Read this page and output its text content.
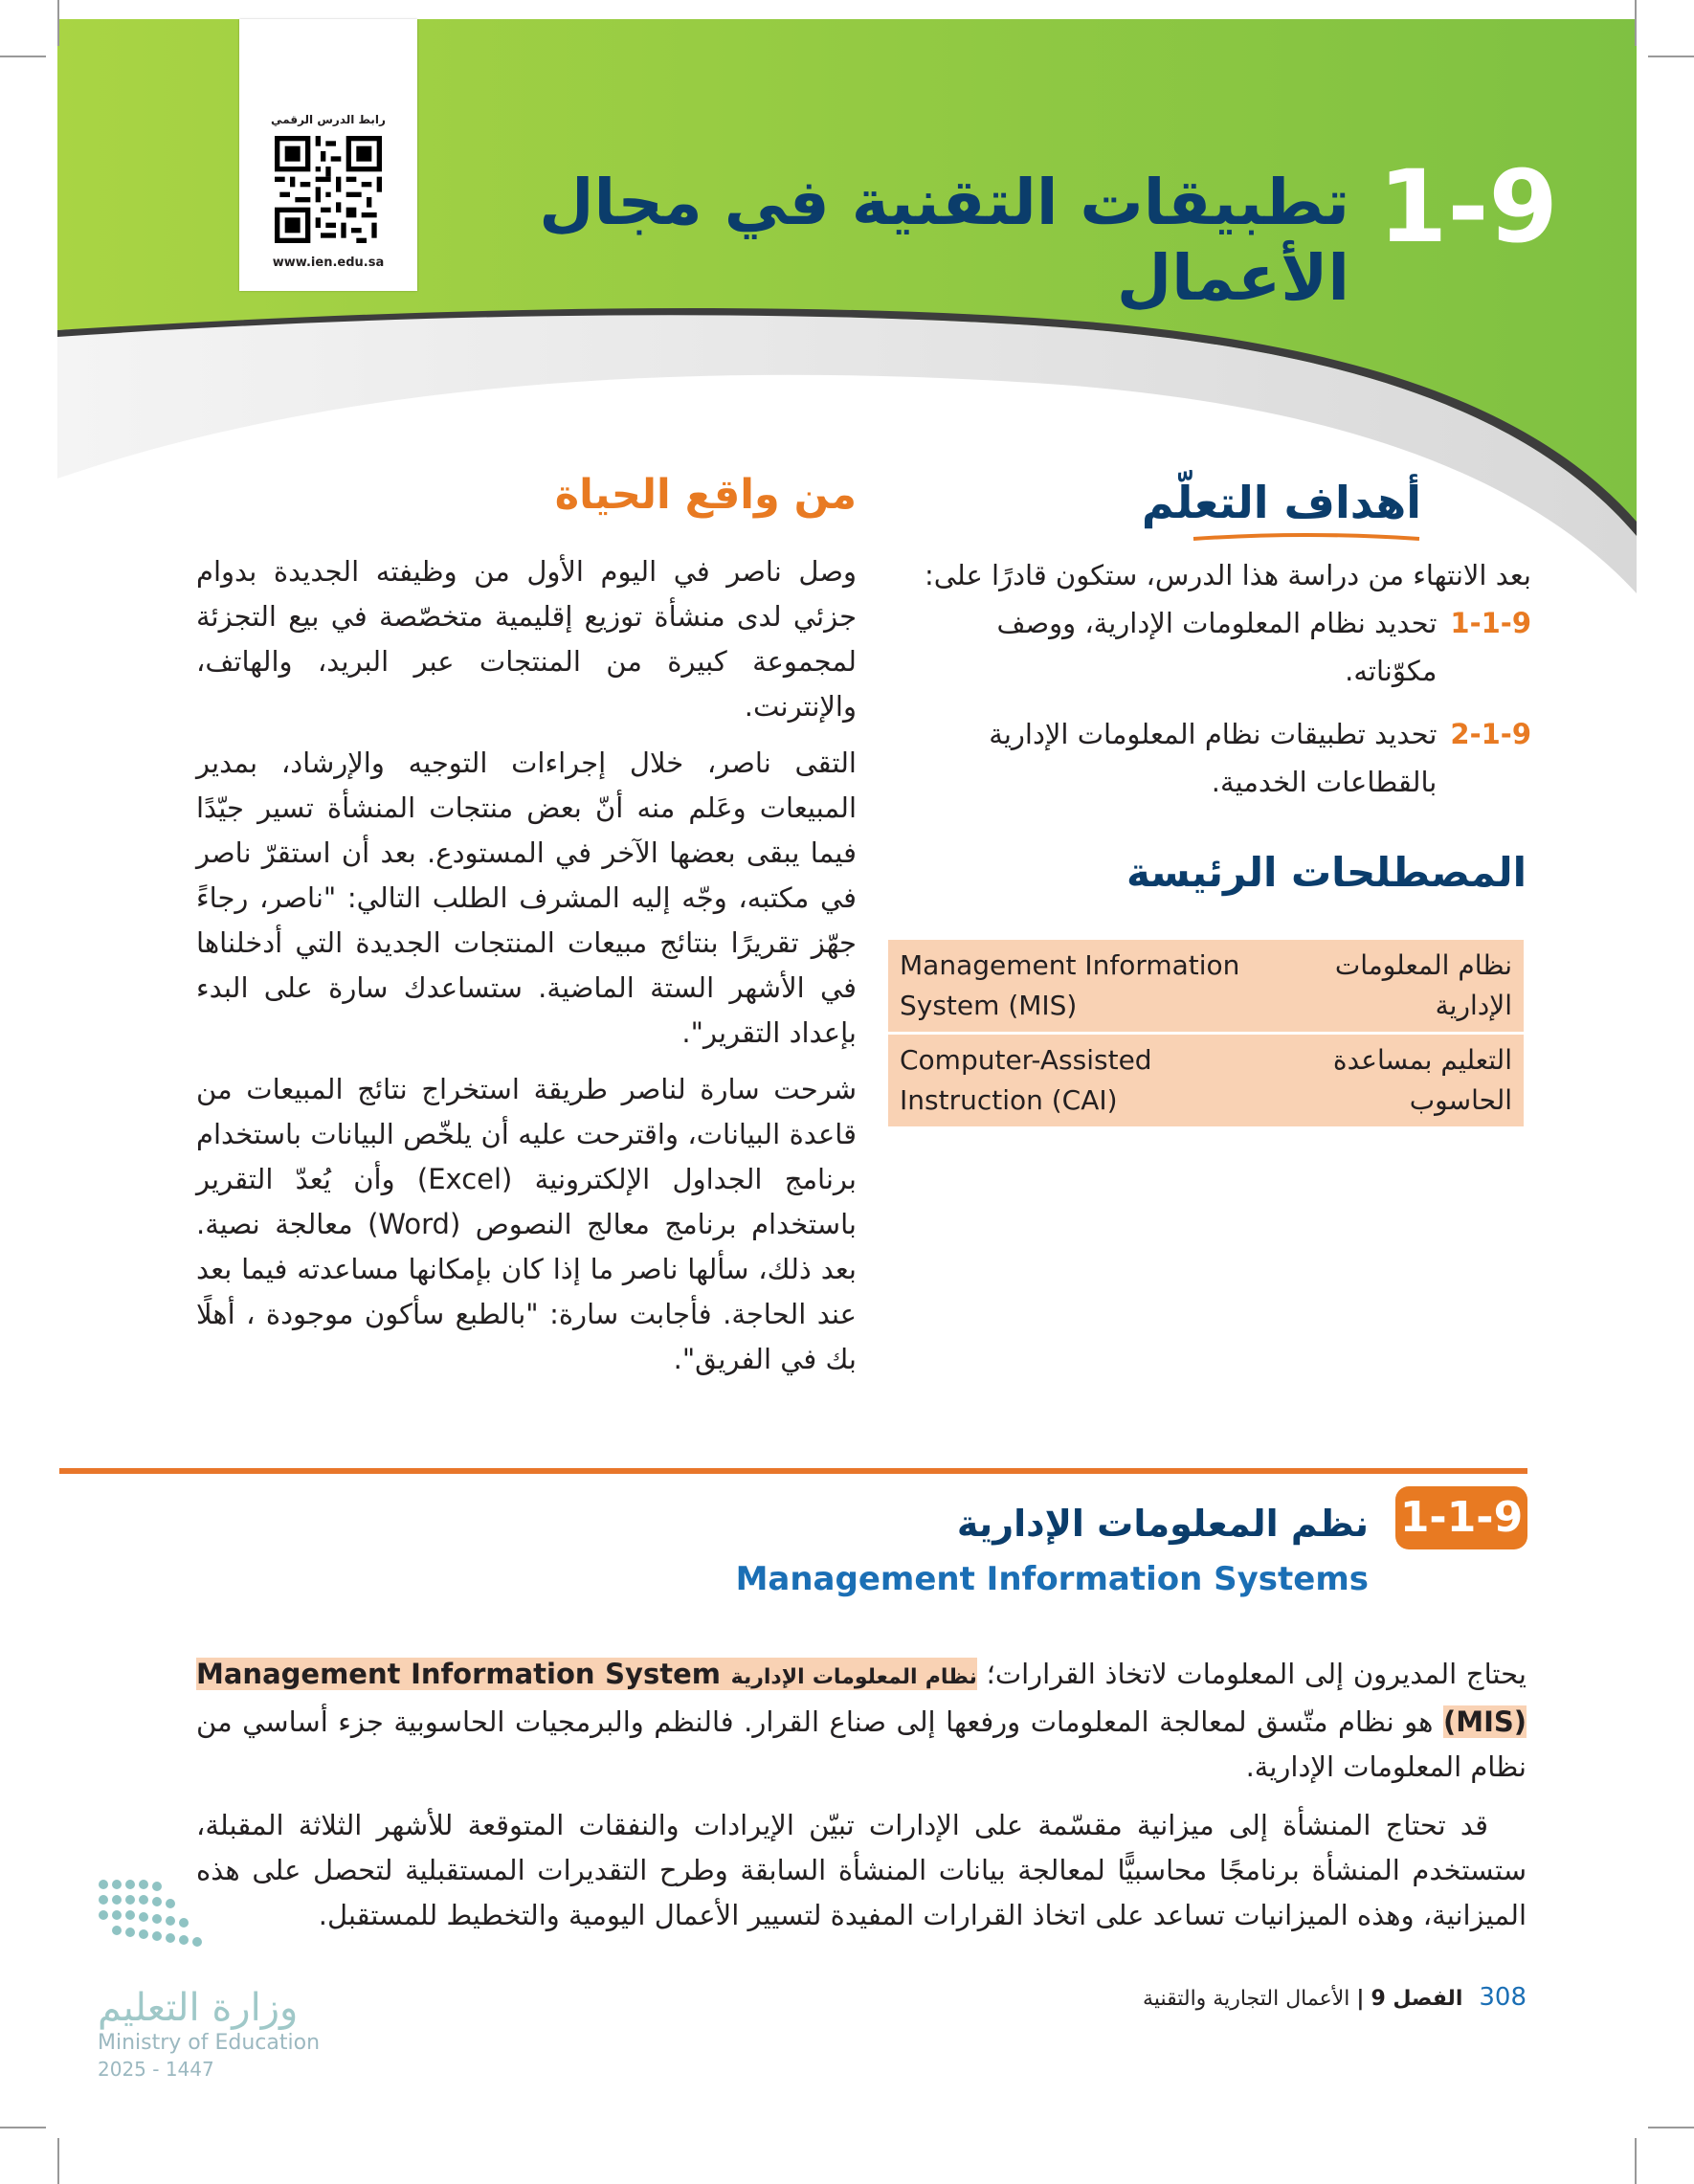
رابط الدرس الرقمي
www.ien.edu.sa	1-9
تطبيقات التقنية في مجال الأعمال
أهداف التعلّم
بعد الانتهاء من دراسة هذا الدرس، ستكون قادرًا على:
1-1-9تحديد نظام المعلومات الإدارية، ووصف مكوّناته.
2-1-9تحديد تطبيقات نظام المعلومات الإدارية بالقطاعات الخدمية.
المصطلحات الرئيسة
Management Information System (MIS)	نظام المعلومات الإدارية
Computer-Assisted Instruction (CAI)	التعليم بمساعدة الحاسوب
من واقع الحياة

وصل ناصر في اليوم الأول من وظيفته الجديدة بدوام جزئي لدى منشأة توزيع إقليمية متخصّصة في بيع التجزئة لمجموعة كبيرة من المنتجات عبر البريد، والهاتف، والإنترنت.

التقى ناصر، خلال إجراءات التوجيه والإرشاد، بمدير المبيعات وعَلم منه أنّ بعض منتجات المنشأة تسير جيّدًا فيما يبقى بعضها الآخر في المستودع. بعد أن استقرّ ناصر في مكتبه، وجّه إليه المشرف الطلب التالي: "ناصر، رجاءً جهّز تقريرًا بنتائج مبيعات المنتجات الجديدة التي أدخلناها في الأشهر الستة الماضية. ستساعدك سارة على البدء بإعداد التقرير".

شرحت سارة لناصر طريقة استخراج نتائج المبيعات من قاعدة البيانات، واقترحت عليه أن يلخّص البيانات باستخدام برنامج الجداول الإلكترونية (Excel) وأن يُعدّ التقرير باستخدام برنامج معالج النصوص (Word) معالجة نصية. بعد ذلك، سألها ناصر ما إذا كان بإمكانها مساعدته فيما بعد عند الحاجة. فأجابت سارة: "بالطبع سأكون موجودة ، أهلًا بك في الفريق".

1-1-9
نظم المعلومات الإدارية
Management Information Systems

يحتاج المديرون إلى المعلومات لاتخاذ القرارات؛ نظام المعلومات الإدارية Management Information System (MIS) هو نظام متّسق لمعالجة المعلومات ورفعها إلى صناع القرار. فالنظم والبرمجيات الحاسوبية جزء أساسي من نظام المعلومات الإدارية.

قد تحتاج المنشأة إلى ميزانية مقسّمة على الإدارات تبيّن الإيرادات والنفقات المتوقعة للأشهر الثلاثة المقبلة، ستستخدم المنشأة برنامجًا محاسبيًّا لمعالجة بيانات المنشأة السابقة وطرح التقديرات المستقبلية لتحصل على هذه الميزانية، وهذه الميزانيات تساعد على اتخاذ القرارات المفيدة لتسيير الأعمال اليومية والتخطيط للمستقبل.

308 الفصل 9 | الأعمال التجارية والتقنية
وزارة التعليم
Ministry of Education
2025 - 1447
